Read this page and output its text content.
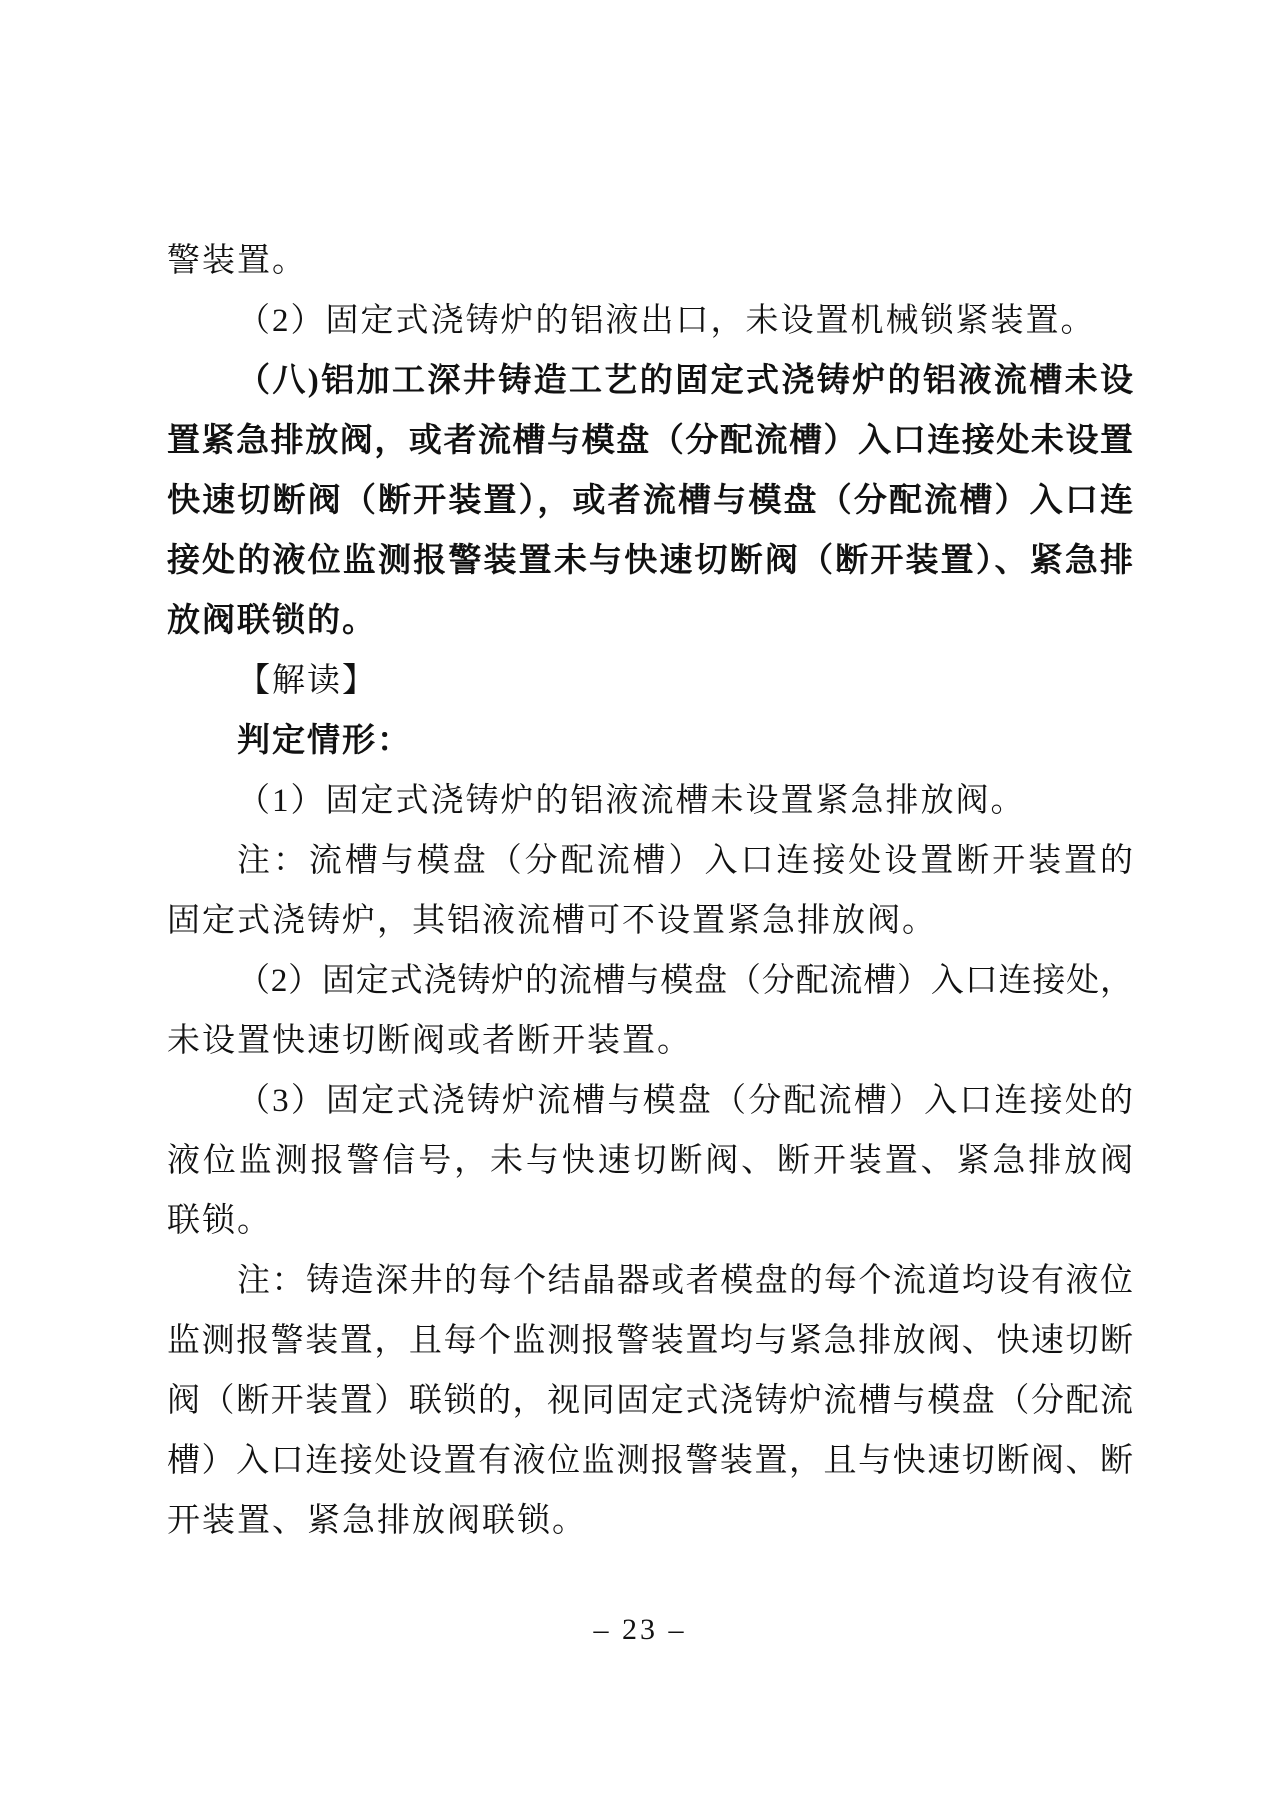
警装置。
（2）固定式浇铸炉的铝液出口，未设置机械锁紧装置。
（八)铝加工深井铸造工艺的固定式浇铸炉的铝液流槽未设
置紧急排放阀，或者流槽与模盘（分配流槽）入口连接处未设置
快速切断阀（断开装置），或者流槽与模盘（分配流槽）入口连
接处的液位监测报警装置未与快速切断阀（断开装置）、紧急排
放阀联锁的。
【解读】
判定情形：
（1）固定式浇铸炉的铝液流槽未设置紧急排放阀。
注：流槽与模盘（分配流槽）入口连接处设置断开装置的
固定式浇铸炉，其铝液流槽可不设置紧急排放阀。
（2）固定式浇铸炉的流槽与模盘（分配流槽）入口连接处，
未设置快速切断阀或者断开装置。
（3）固定式浇铸炉流槽与模盘（分配流槽）入口连接处的
液位监测报警信号，未与快速切断阀、断开装置、紧急排放阀
联锁。
注：铸造深井的每个结晶器或者模盘的每个流道均设有液位
监测报警装置，且每个监测报警装置均与紧急排放阀、快速切断
阀（断开装置）联锁的，视同固定式浇铸炉流槽与模盘（分配流
槽）入口连接处设置有液位监测报警装置，且与快速切断阀、断
开装置、紧急排放阀联锁。
– 23 –
